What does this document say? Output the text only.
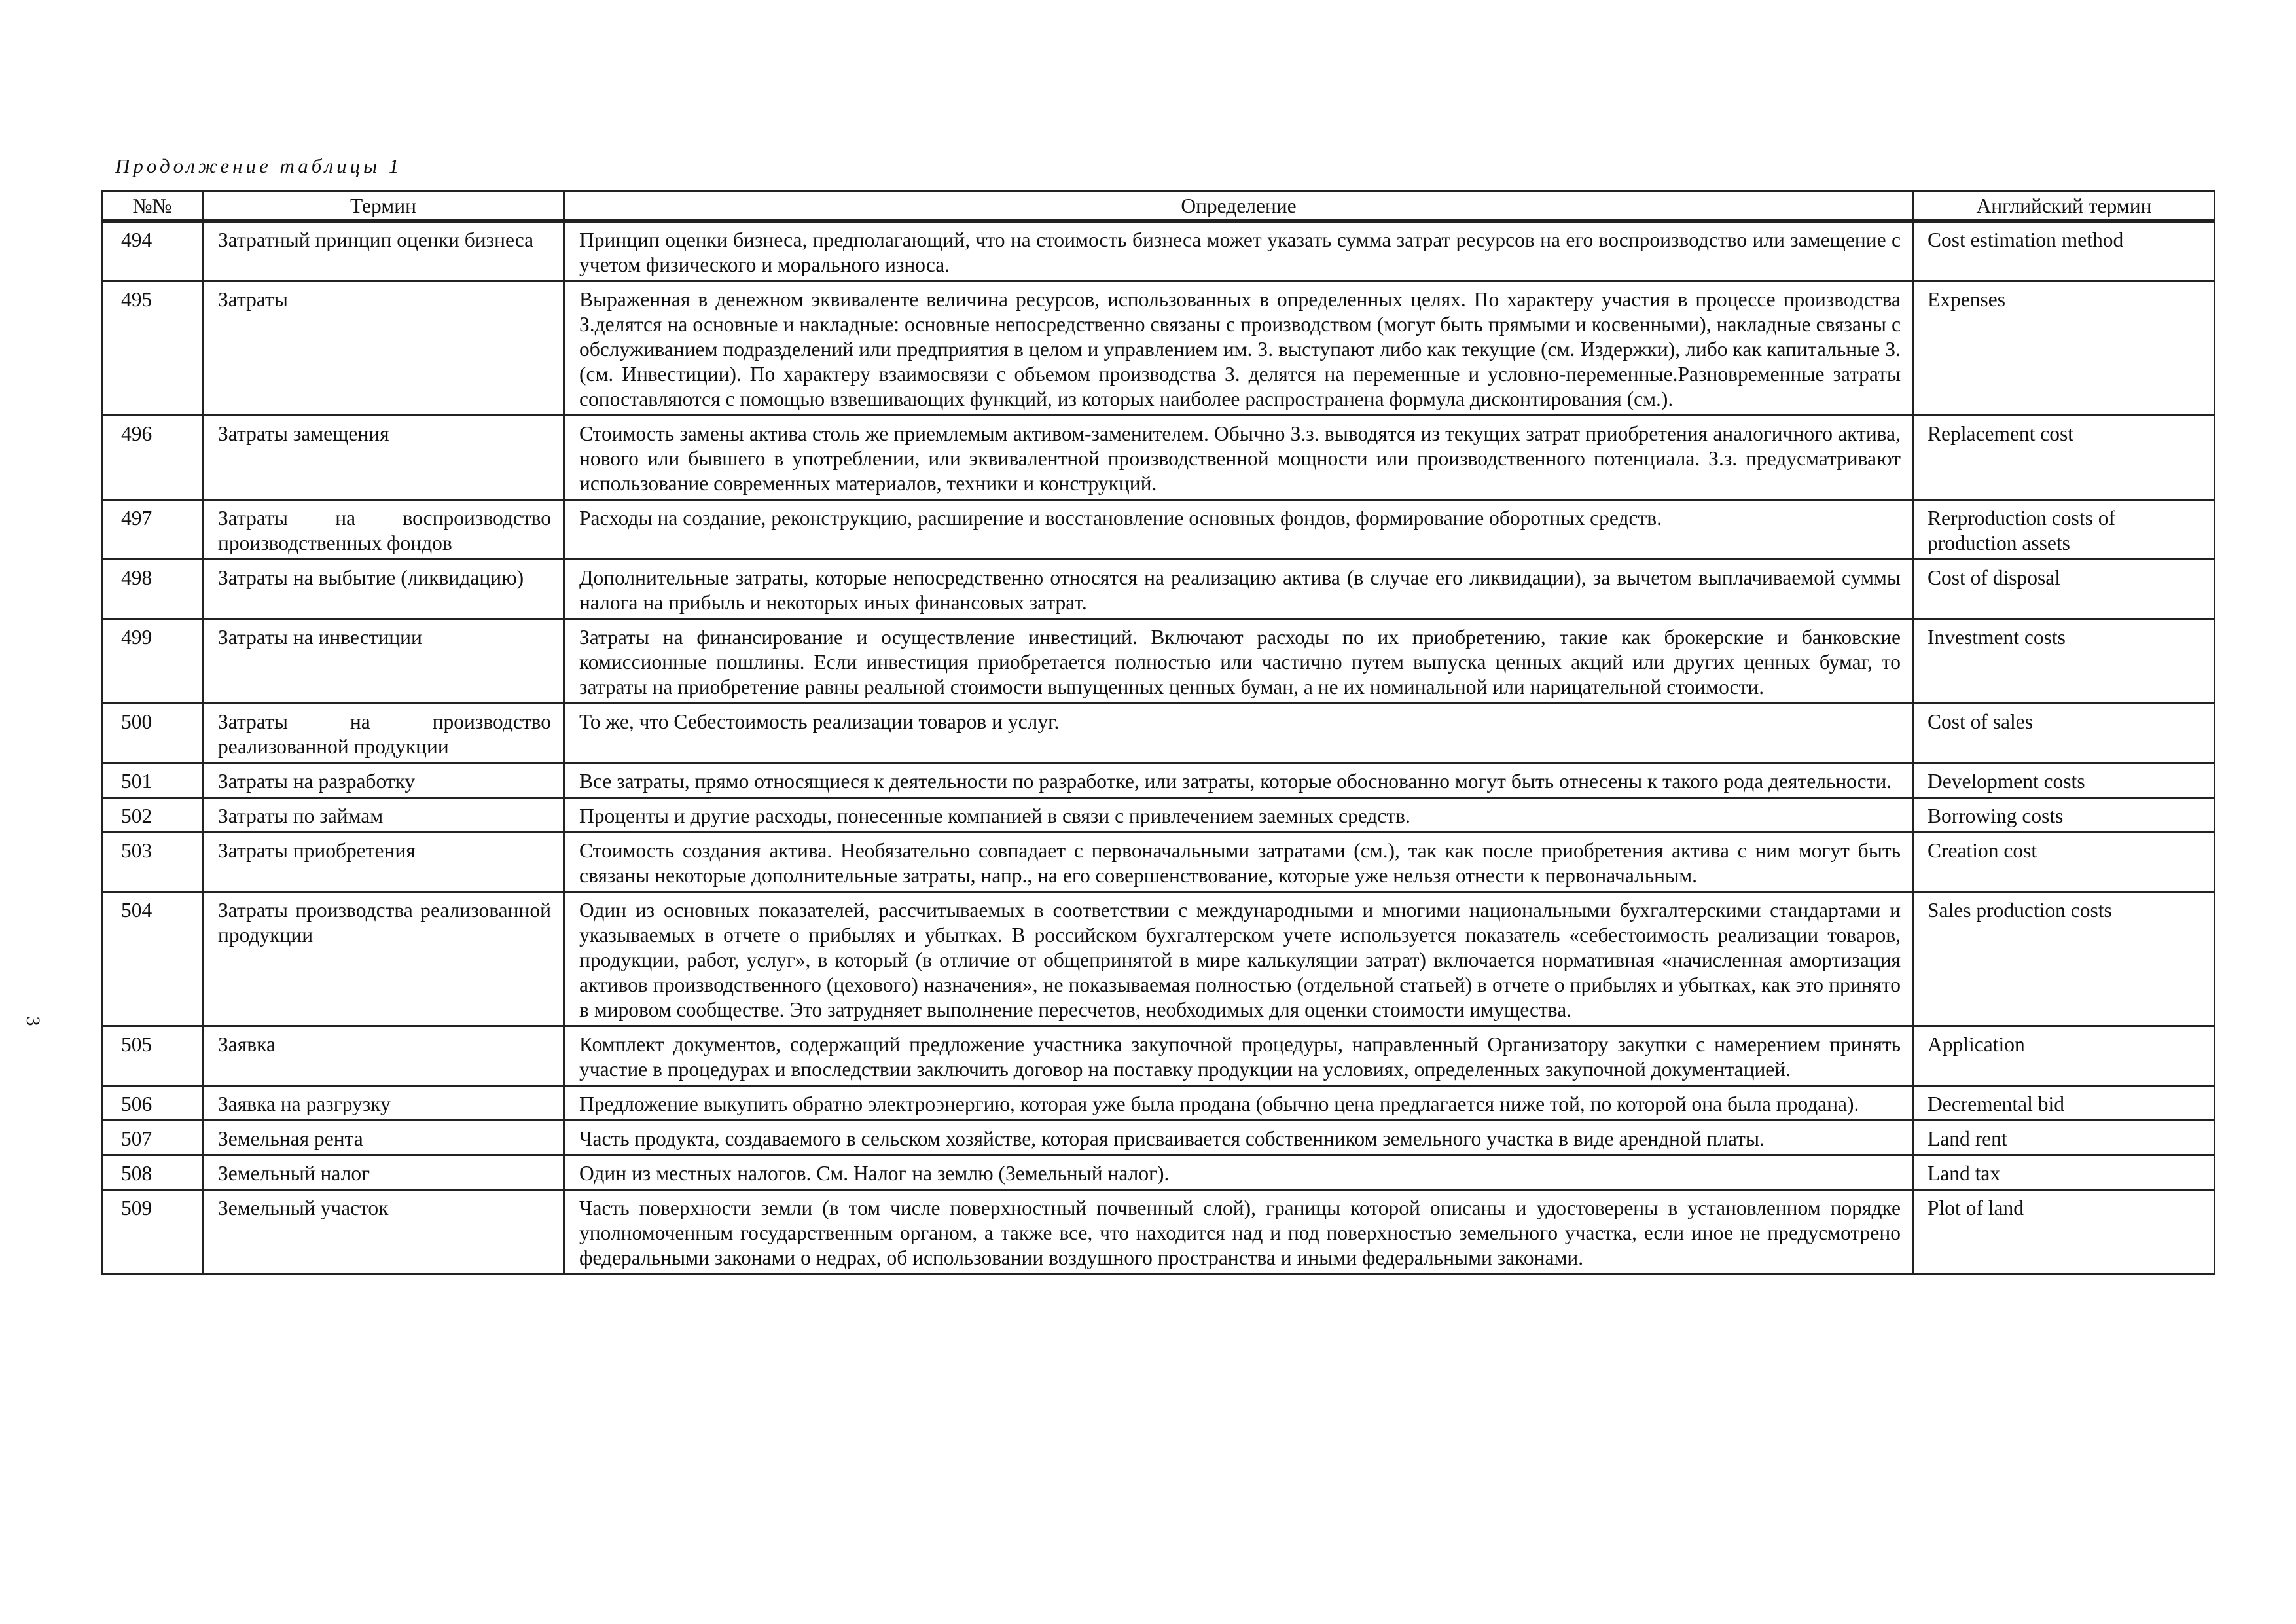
Продолжение таблицы 1
3
№№	Термин	Определение	Английский термин
494	Затратный принцип оценки бизнеса	Принцип оценки бизнеса, предполагающий, что на стоимость бизнеса может указать сумма затрат ресурсов на его воспроизводство или замещение с учетом физического и морального износа.	Cost estimation method
495	Затраты	Выраженная в денежном эквиваленте величина ресурсов, использованных в определенных целях. По характеру участия в процессе производства З.делятся на основные и накладные: основные непосредственно связаны с производством (могут быть прямыми и косвенными), накладные связаны с обслуживанием подразделений или предприятия в целом и управлением им. З. выступают либо как текущие (см. Издержки), либо как капитальные З. (см. Инвестиции). По характеру взаимосвязи с объемом производства З. делятся на переменные и условно-переменные.Разновременные затраты сопоставляются с помощью взвешивающих функций, из которых наиболее распространена формула дисконтирования (см.).	Expenses
496	Затраты замещения	Стоимость замены актива столь же приемлемым активом-заменителем. Обычно З.з. выводятся из текущих затрат приобретения аналогичного актива, нового или бывшего в употреблении, или эквивалентной производственной мощности или производственного потенциала. З.з. предусматривают использование современных материалов, техники и конструкций.	Replacement cost
497	Затраты на воспроизводство производственных фондов	Расходы на создание, реконструкцию, расширение и восстановление основных фондов, формирование оборотных средств.	Rerproduction costs of production assets
498	Затраты на выбытие (ликвидацию)	Дополнительные затраты, которые непосредственно относятся на реализацию актива (в случае его ликвидации), за вычетом выплачиваемой суммы налога на прибыль и некоторых иных финансовых затрат.	Cost of disposal
499	Затраты на инвестиции	Затраты на финансирование и осуществление инвестиций. Включают расходы по их приобретению, такие как брокерские и банковские комиссионные пошлины. Если инвестиция приобретается полностью или частично путем выпуска ценных акций или других ценных бумаг, то затраты на приобретение равны реальной стоимости выпущенных ценных буман, а не их номинальной или нарицательной стоимости.	Investment costs
500	Затраты на производство реализованной продукции	То же, что Себестоимость реализации товаров и услуг.	Cost of sales
501	Затраты на разработку	Все затраты, прямо относящиеся к деятельности по разработке, или затраты, которые обоснованно могут быть отнесены к такого рода деятельности.	Development costs
502	Затраты по займам	Проценты и другие расходы, понесенные компанией в связи с привлечением заемных средств.	Borrowing costs
503	Затраты приобретения	Стоимость создания актива. Необязательно совпадает с первоначальными затратами (см.), так как после приобретения актива с ним могут быть связаны некоторые дополнительные затраты, напр., на его совершенствование, которые уже нельзя отнести к первоначальным.	Creation cost
504	Затраты производства реализованной продукции	Один из основных показателей, рассчитываемых в соответствии с международными и многими национальными бухгалтерскими стандартами и указываемых в отчете о прибылях и убытках. В российском бухгалтерском учете используется показатель «себестоимость реализации товаров, продукции, работ, услуг», в который (в отличие от общепринятой в мире калькуляции затрат) включается нормативная «начисленная амортизация активов производственного (цехового) назначения», не показываемая полностью (отдельной статьей) в отчете о прибылях и убытках, как это принято в мировом сообществе. Это затрудняет выполнение пересчетов, необходимых для оценки стоимости имущества.	Sales production costs
505	Заявка	Комплект документов, содержащий предложение участника закупочной процедуры, направленный Организатору закупки с намерением принять участие в процедурах и впоследствии заключить договор на поставку продукции на условиях, определенных закупочной документацией.	Application
506	Заявка на разгрузку	Предложение выкупить обратно электроэнергию, которая уже была продана (обычно цена предлагается ниже той, по которой она была продана).	Decremental bid
507	Земельная рента	Часть продукта, создаваемого в сельском хозяйстве, которая присваивается собственником земельного участка в виде арендной платы.	Land rent
508	Земельный налог	Один из местных налогов. См. Налог на землю (Земельный налог).	Land tax
509	Земельный участок	Часть поверхности земли (в том числе поверхностный почвенный слой), границы которой описаны и удостоверены в установленном порядке уполномоченным государственным органом, а также все, что находится над и под поверхностью земельного участка, если иное не предусмотрено федеральными законами о недрах, об использовании воздушного пространства и иными федеральными законами.	Plot of land
